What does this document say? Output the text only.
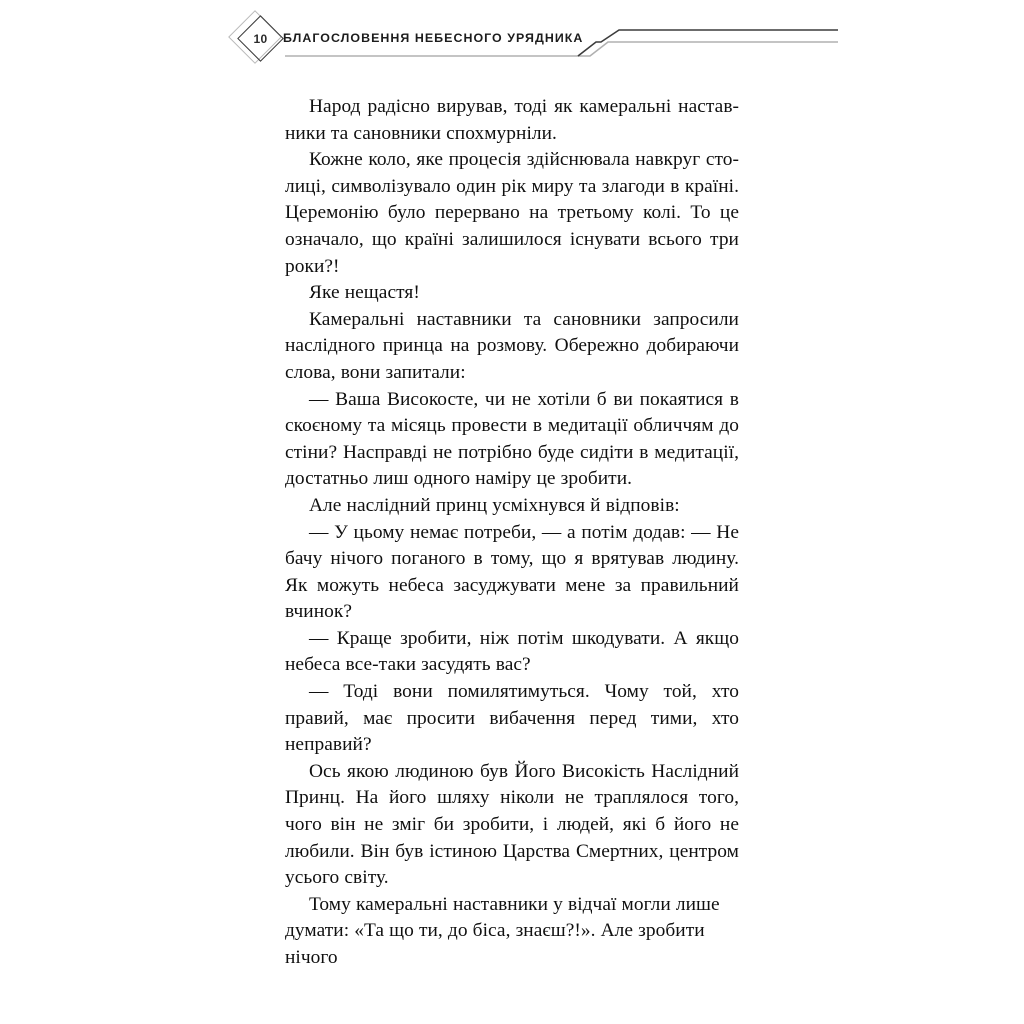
10	БЛАГОСЛОВЕННЯ НЕБЕСНОГО УРЯДНИКА

Народ радісно вирував, тоді як камеральні наставники та сановники спохмурніли.

Кожне коло, яке процесія здійснювала навкруг столиці, символізувало один рік миру та злагоди в країні. Церемонію було перервано на третьому колі. То це означало, що країні залишилося існувати всього три роки?!

Яке нещастя!

Камеральні наставники та сановники запросили наслідного принца на розмову. Обережно добираючи слова, вони запитали:

— Ваша Високосте, чи не хотіли б ви покаятися в скоєному та місяць провести в медитації обличчям до стіни? Насправді не потрібно буде сидіти в медитації, достатньо лиш одного наміру це зробити.

Але наслідний принц усміхнувся й відповів:

— У цьому немає потреби, — а потім додав: — Не бачу нічого поганого в тому, що я врятував людину. Як можуть небеса засуджувати мене за правильний вчинок?

— Краще зробити, ніж потім шкодувати. А якщо небеса все-таки засудять вас?

— Тоді вони помилятимуться. Чому той, хто правий, має просити вибачення перед тими, хто неправий?

Ось якою людиною був Його Високість Наслідний Принц. На його шляху ніколи не траплялося того, чого він не зміг би зробити, і людей, які б його не любили. Він був істиною Царства Смертних, центром усього світу.

Тому камеральні наставники у відчаї могли лише думати: «Та що ти, до біса, знаєш?!». Але зробити нічого
